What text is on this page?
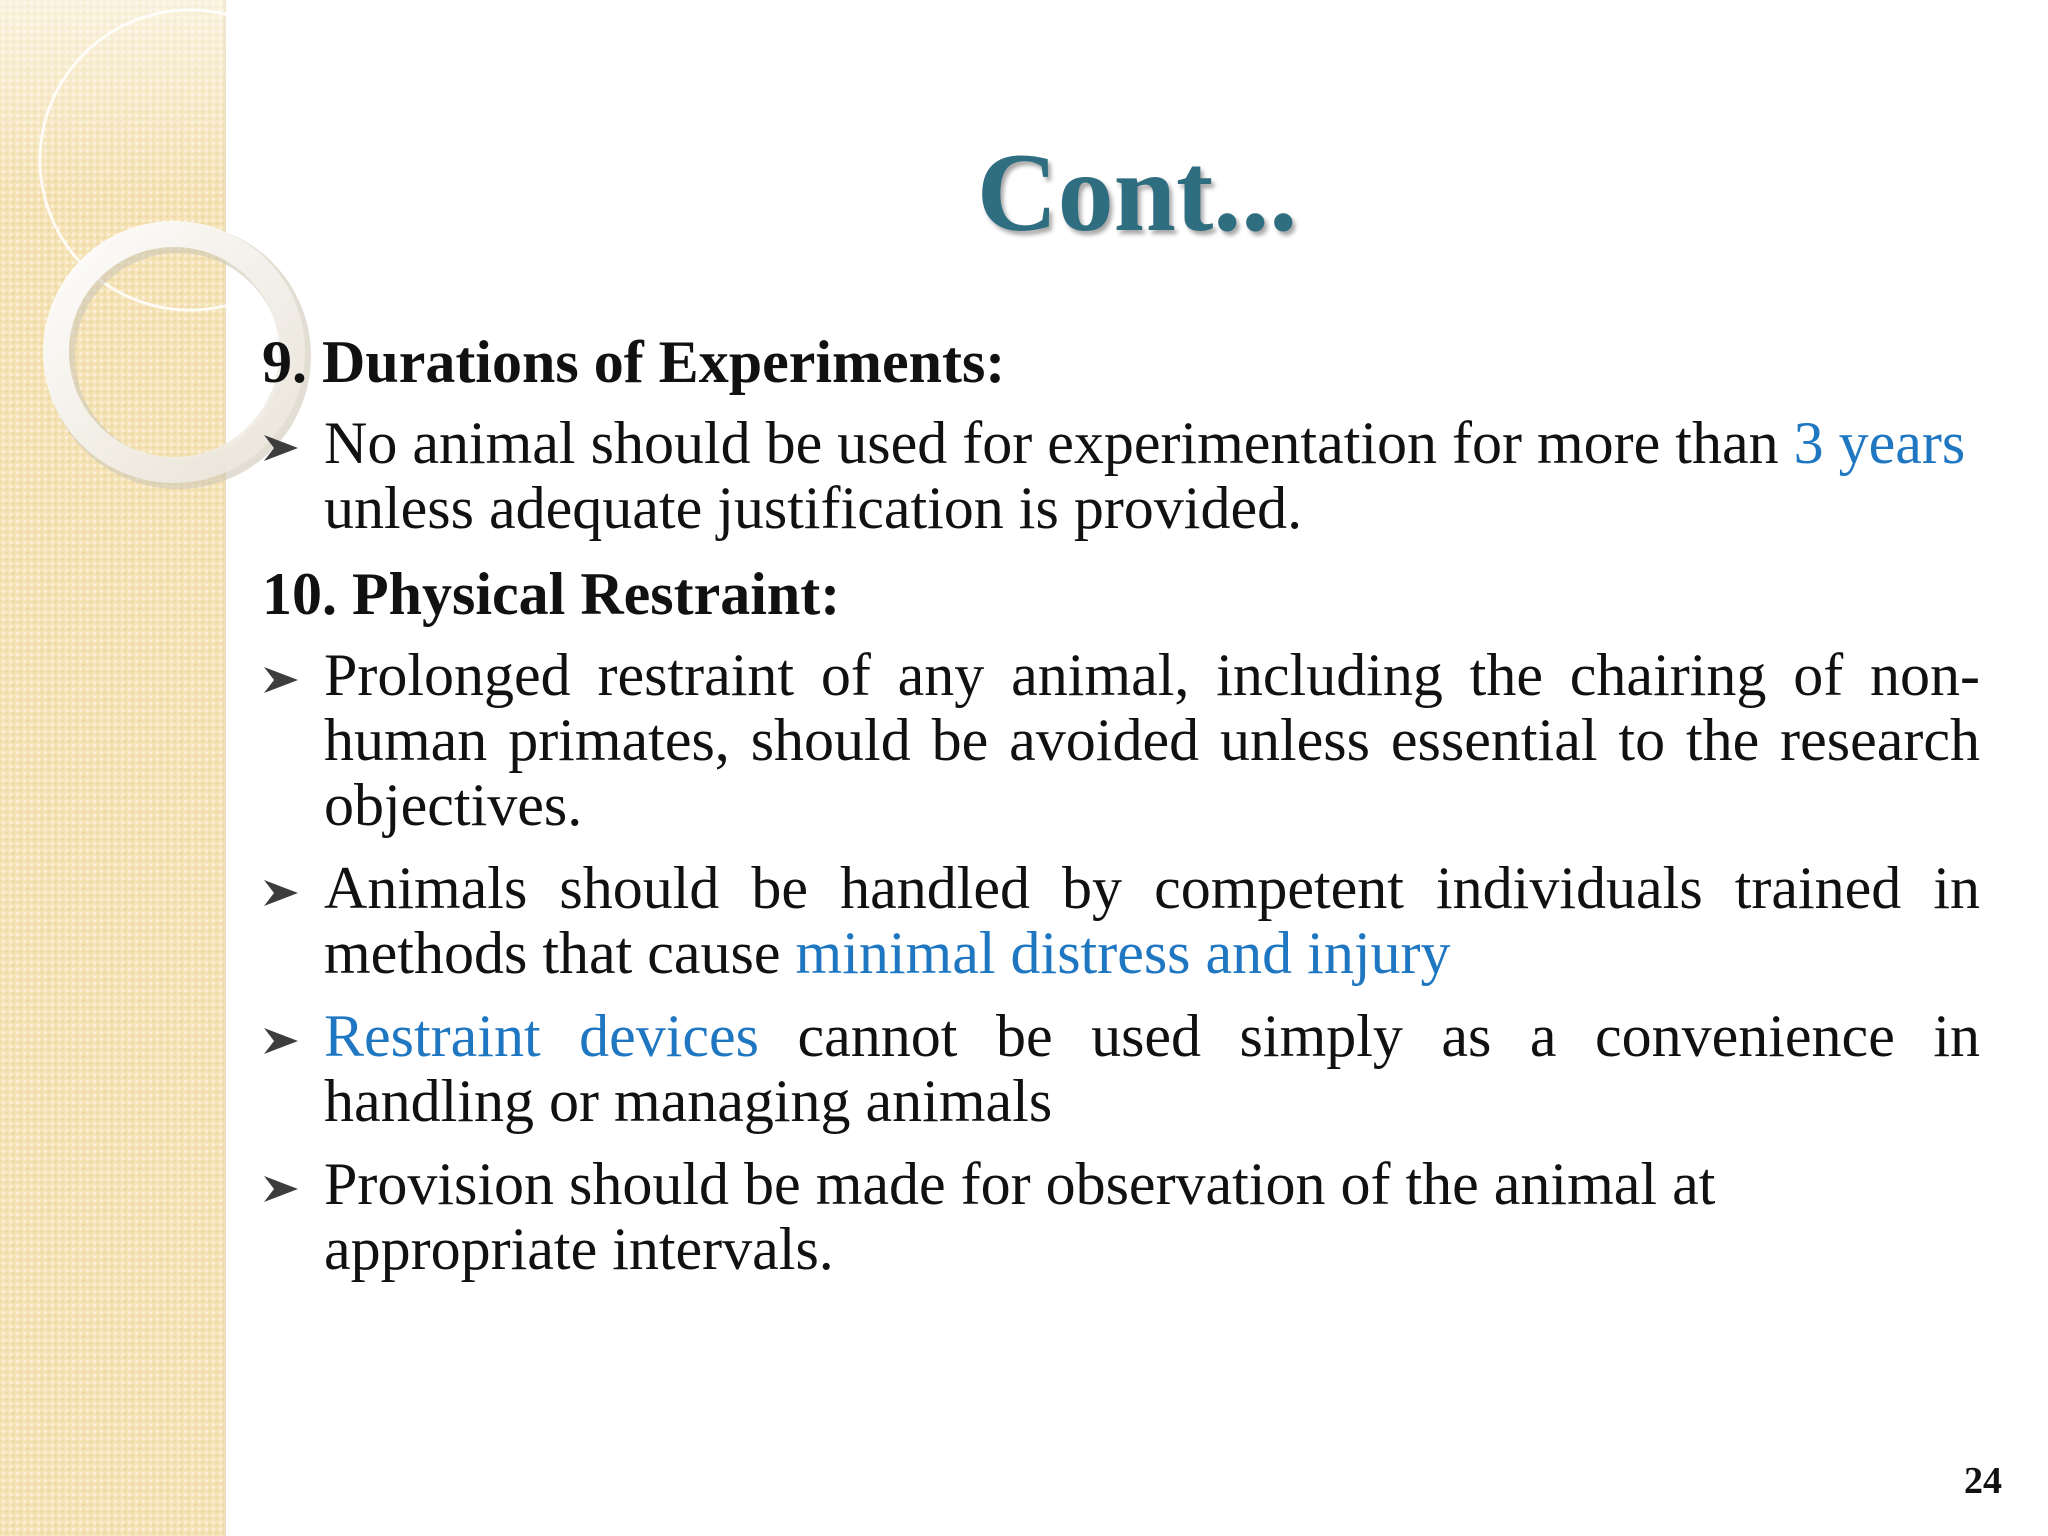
Cont...

9. Durations of Experiments:

No animal should be used for experimentation for more than 3 years unless adequate justification is provided.

10. Physical Restraint:

Prolonged restraint of any animal, including the chairing of non-human primates, should be avoided unless essential to the research objectives.

Animals should be handled by competent individuals trained in methods that cause minimal distress and injury

Restraint devices cannot be used simply as a convenience in handling or managing animals

Provision should be made for observation of the animal at appropriate intervals.

24
